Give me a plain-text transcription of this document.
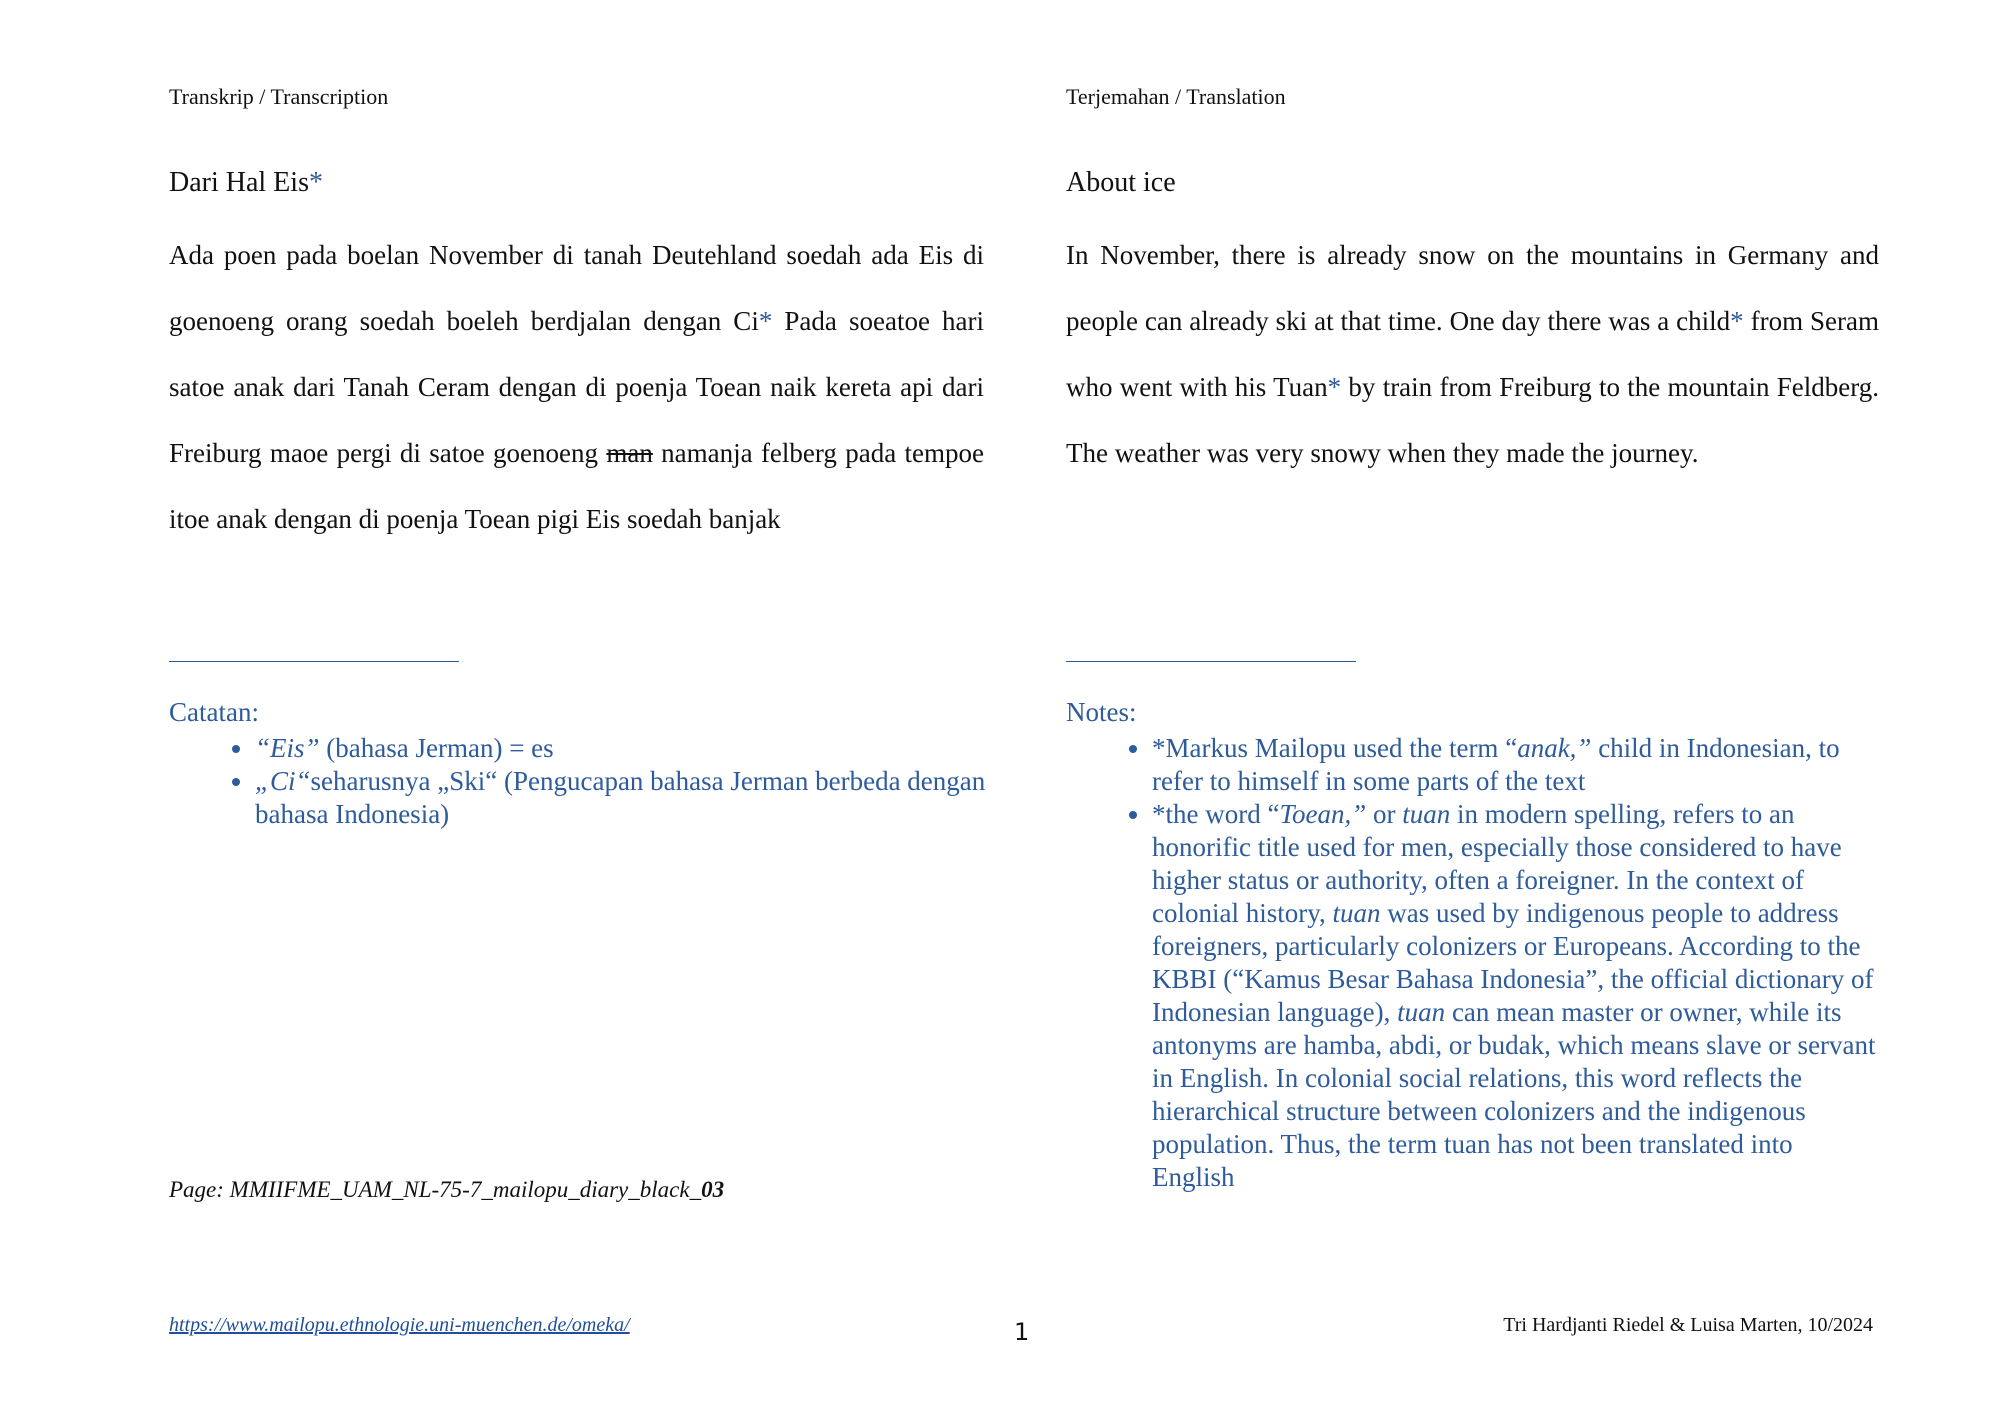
Transkrip / Transcription
Dari Hal Eis*
Ada poen pada boelan November di tanah Deutehland soedah ada Eis di goenoeng orang soedah boeleh berdjalan dengan Ci* Pada soeatoe hari satoe anak dari Tanah Ceram dengan di poenja Toean naik kereta api dari Freiburg maoe pergi di satoe goenoeng man namanja felberg pada tempoe itoe anak dengan di poenja Toean pigi Eis soedah banjak
Catatan:
• “Eis” (bahasa Jerman) = es
• „Ci“seharusnya „Ski“ (Pengucapan bahasa Jerman berbeda dengan bahasa Indonesia)
Page: MMIIFME_UAM_NL-75-7_mailopu_diary_black_03
Terjemahan / Translation
About ice
In November, there is already snow on the mountains in Germany and people can already ski at that time. One day there was a child* from Seram who went with his Tuan* by train from Freiburg to the mountain Feldberg. The weather was very snowy when they made the journey.
Notes:
• *Markus Mailopu used the term “anak,” child in Indonesian, to refer to himself in some parts of the text
• *the word “Toean,” or tuan in modern spelling, refers to an honorific title used for men, especially those considered to have higher status or authority, often a foreigner. In the context of colonial history, tuan was used by indigenous people to address foreigners, particularly colonizers or Europeans. According to the KBBI (“Kamus Besar Bahasa Indonesia”, the official dictionary of Indonesian language), tuan can mean master or owner, while its antonyms are hamba, abdi, or budak, which means slave or servant in English. In colonial social relations, this word reflects the hierarchical structure between colonizers and the indigenous population. Thus, the term tuan has not been translated into English
https://www.mailopu.ethnologie.uni-muenchen.de/omeka/	1	Tri Hardjanti Riedel & Luisa Marten, 10/2024
